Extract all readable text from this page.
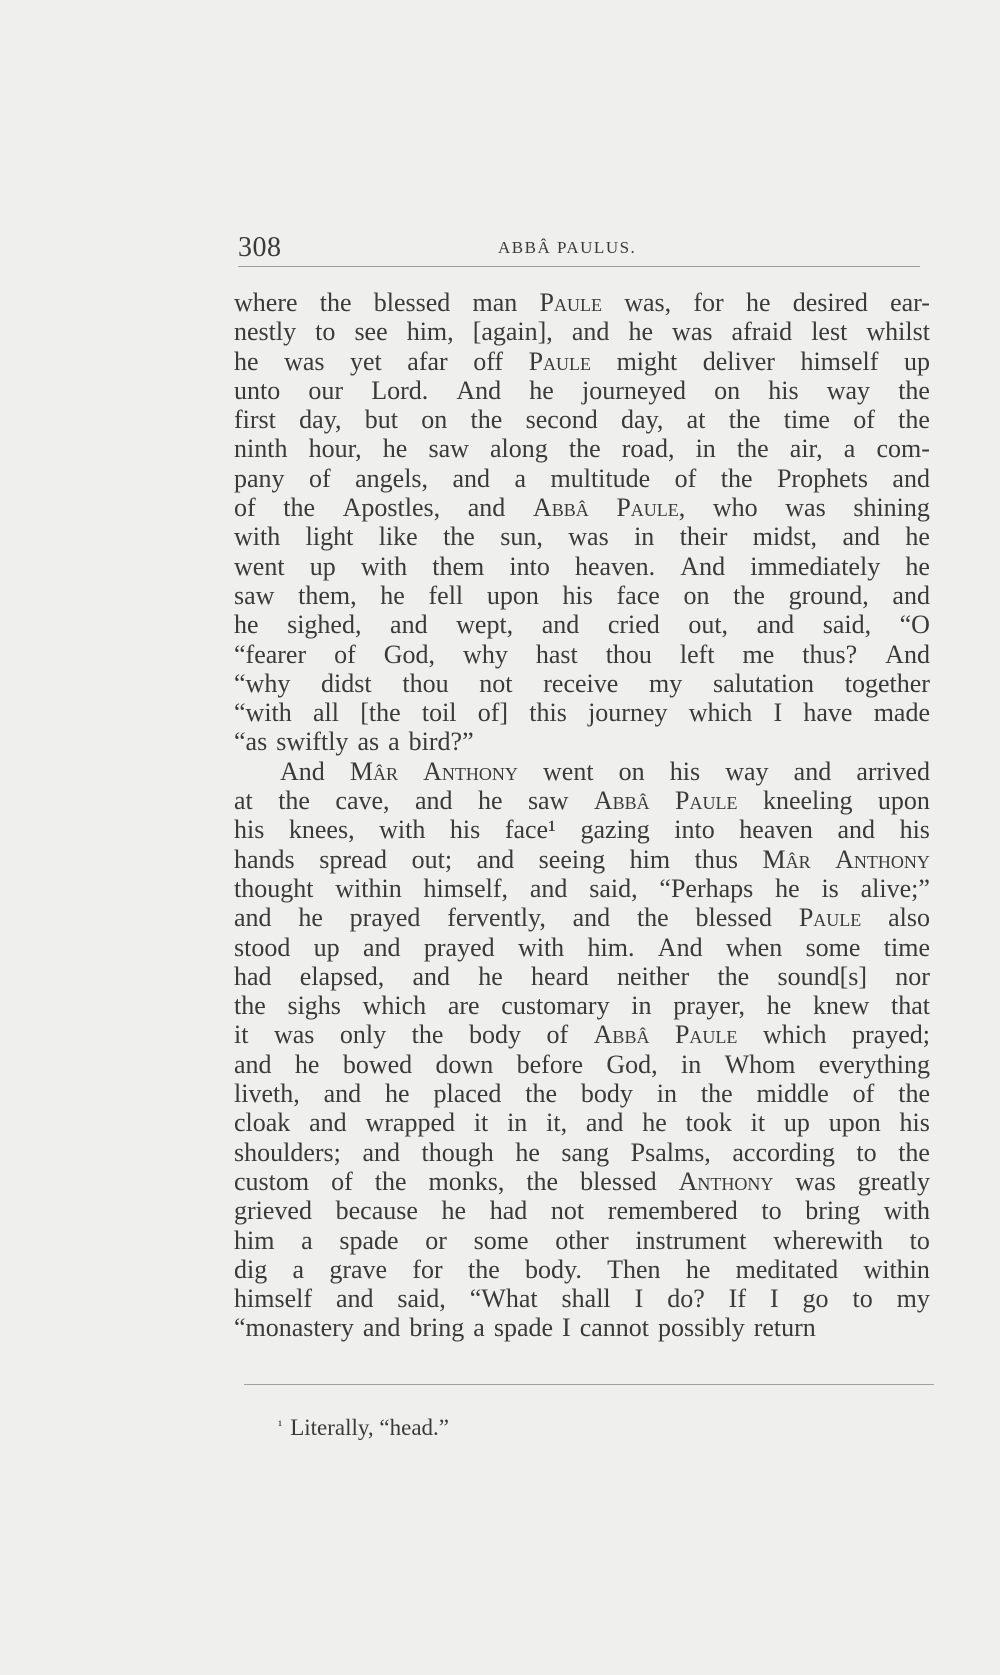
308	ABBÂ PAULUS.
where the blessed man Paule was, for he desired ear-
nestly to see him, [again], and he was afraid lest whilst
he was yet afar off Paule might deliver himself up
unto our Lord. And he journeyed on his way the
first day, but on the second day, at the time of the
ninth hour, he saw along the road, in the air, a com-
pany of angels, and a multitude of the Prophets and
of the Apostles, and Abbâ Paule, who was shining
with light like the sun, was in their midst, and he
went up with them into heaven. And immediately he
saw them, he fell upon his face on the ground, and
he sighed, and wept, and cried out, and said, “O
“fearer of God, why hast thou left me thus? And
“why didst thou not receive my salutation together
“with all [the toil of] this journey which I have made
“as swiftly as a bird?”
And Mâr Anthony went on his way and arrived
at the cave, and he saw Abbâ Paule kneeling upon
his knees, with his face¹ gazing into heaven and his
hands spread out; and seeing him thus Mâr Anthony
thought within himself, and said, “Perhaps he is alive;”
and he prayed fervently, and the blessed Paule also
stood up and prayed with him. And when some time
had elapsed, and he heard neither the sound[s] nor
the sighs which are customary in prayer, he knew that
it was only the body of Abbâ Paule which prayed;
and he bowed down before God, in Whom everything
liveth, and he placed the body in the middle of the
cloak and wrapped it in it, and he took it up upon his
shoulders; and though he sang Psalms, according to the
custom of the monks, the blessed Anthony was greatly
grieved because he had not remembered to bring with
him a spade or some other instrument wherewith to
dig a grave for the body. Then he meditated within
himself and said, “What shall I do? If I go to my
“monastery and bring a spade I cannot possibly return
$^{^1}$ Literally, “head.”
